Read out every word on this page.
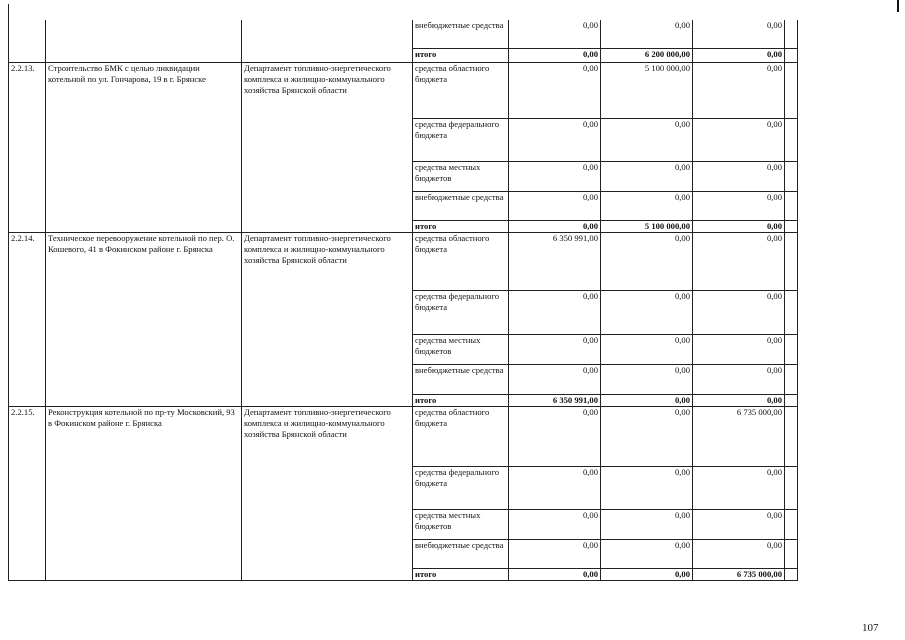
			внебюджетные средства	0,00	0,00	0,00	
			итого	0,00	6 200 000,00	0,00	
2.2.13.	Строительство БМК с целью ликвидации котельной по ул. Гончарова, 19 в г. Брянске	Департамент топливно-энергетического комплекса и жилищно-коммунального хозяйства Брянской области	средства областного бюджета	0,00	5 100 000,00	0,00	
			средства федерального бюджета	0,00	0,00	0,00	
			средства местных бюджетов	0,00	0,00	0,00	
			внебюджетные средства	0,00	0,00	0,00	
			итого	0,00	5 100 000,00	0,00	
2.2.14.	Техническое перевооружение котельной по пер. О. Кошевого, 41 в Фокинском районе г. Брянска	Департамент топливно-энергетического комплекса и жилищно-коммунального хозяйства Брянской области	средства областного бюджета	6 350 991,00	0,00	0,00	
			средства федерального бюджета	0,00	0,00	0,00	
			средства местных бюджетов	0,00	0,00	0,00	
			внебюджетные средства	0,00	0,00	0,00	
			итого	6 350 991,00	0,00	0,00	
2.2.15.	Реконструкция котельной по пр-ту Московский, 93 в Фокинском районе г. Брянска	Департамент топливно-энергетического комплекса и жилищно-коммунального хозяйства Брянской области	средства областного бюджета	0,00	0,00	6 735 000,00	
			средства федерального бюджета	0,00	0,00	0,00	
			средства местных бюджетов	0,00	0,00	0,00	
			внебюджетные средства	0,00	0,00	0,00	
			итого	0,00	0,00	6 735 000,00	
107
